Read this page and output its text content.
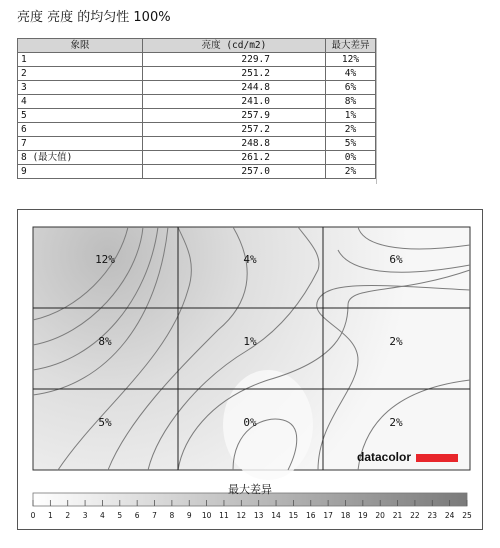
亮度 亮度 的均匀性 100%
象限	亮度 (cd/m2)	最大差异
1	229.7	12%
2	251.2	4%
3	244.8	6%
4	241.0	8%
5	257.9	1%
6	257.2	2%
7	248.8	5%
8 (最大值)	261.2	0%
9	257.0	2%
12%	4%	6%
8%	1%	2%
5%	0%	2%
datacolor
最大差异
0 1 2 3 4 5 6 7 8 9 10 11 12 13 14 15 16 17 18 19 20 21 22 23 24 25
